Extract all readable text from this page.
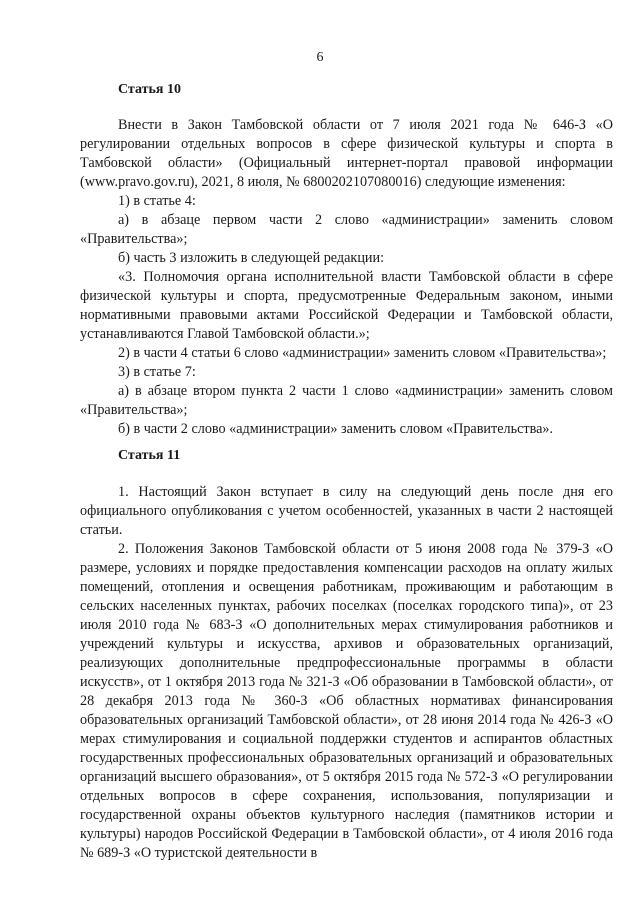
6
Статья 10

Внести в Закон Тамбовской области от 7 июля 2021 года № 646-З «О регулировании отдельных вопросов в сфере физической культуры и спорта в Тамбовской области» (Официальный интернет-портал правовой информации (www.pravo.gov.ru), 2021, 8 июля, № 6800202107080016) следующие изменения:

1) в статье 4:

а) в абзаце первом части 2 слово «администрации» заменить словом «Правительства»;

б) часть 3 изложить в следующей редакции:

«3. Полномочия органа исполнительной власти Тамбовской области в сфере физической культуры и спорта, предусмотренные Федеральным законом, иными нормативными правовыми актами Российской Федерации и Тамбовской области, устанавливаются Главой Тамбовской области.»;

2) в части 4 статьи 6 слово «администрации» заменить словом «Правительства»;

3) в статье 7:

а) в абзаце втором пункта 2 части 1 слово «администрации» заменить словом «Правительства»;

б) в части 2 слово «администрации» заменить словом «Правительства».

Статья 11

1. Настоящий Закон вступает в силу на следующий день после дня его официального опубликования с учетом особенностей, указанных в части 2 настоящей статьи.

2. Положения Законов Тамбовской области от 5 июня 2008 года № 379-З «О размере, условиях и порядке предоставления компенсации расходов на оплату жилых помещений, отопления и освещения работникам, проживающим и работающим в сельских населенных пунктах, рабочих поселках (поселках городского типа)», от 23 июля 2010 года № 683-З «О дополнительных мерах стимулирования работников и учреждений культуры и искусства, архивов и образовательных организаций, реализующих дополнительные предпрофессиональные программы в области искусств», от 1 октября 2013 года № 321-З «Об образовании в Тамбовской области», от 28 декабря 2013 года № 360-З «Об областных нормативах финансирования образовательных организаций Тамбовской области», от 28 июня 2014 года № 426-З «О мерах стимулирования и социальной поддержки студентов и аспирантов областных государственных профессиональных образовательных организаций и образовательных организаций высшего образования», от 5 октября 2015 года № 572-З «О регулировании отдельных вопросов в сфере сохранения, использования, популяризации и государственной охраны объектов культурного наследия (памятников истории и культуры) народов Российской Федерации в Тамбовской области», от 4 июля 2016 года № 689-З «О туристской деятельности в
